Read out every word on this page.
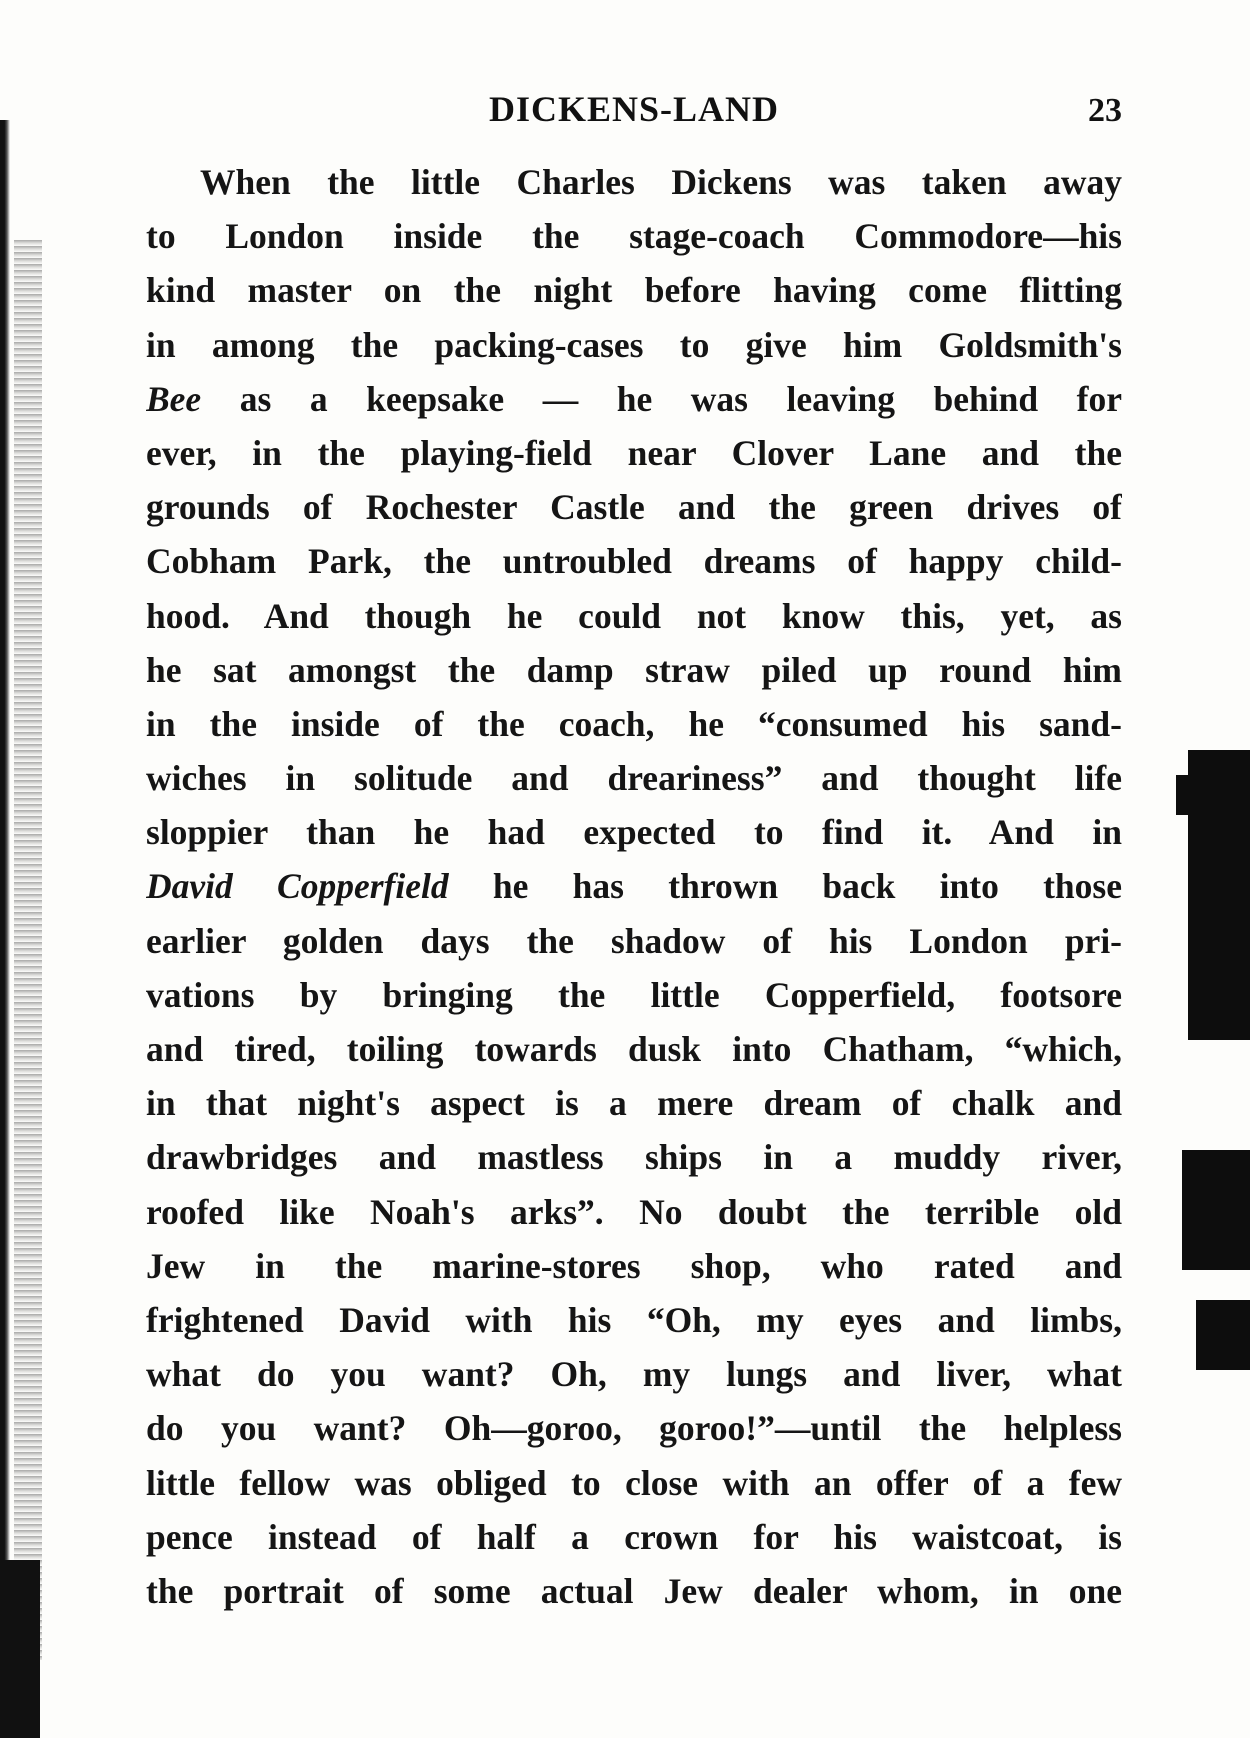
DICKENS-LAND	23
When the little Charles Dickens was taken away
to London inside the stage-coach Commodore—his
kind master on the night before having come flitting
in among the packing-cases to give him Goldsmith's
Bee as a keepsake — he was leaving behind for
ever, in the playing-field near Clover Lane and the
grounds of Rochester Castle and the green drives of
Cobham Park, the untroubled dreams of happy child-
hood. And though he could not know this, yet, as
he sat amongst the damp straw piled up round him
in the inside of the coach, he “consumed his sand-
wiches in solitude and dreariness” and thought life
sloppier than he had expected to find it. And in
David Copperfield he has thrown back into those
earlier golden days the shadow of his London pri-
vations by bringing the little Copperfield, footsore
and tired, toiling towards dusk into Chatham, “which,
in that night's aspect is a mere dream of chalk and
drawbridges and mastless ships in a muddy river,
roofed like Noah's arks”. No doubt the terrible old
Jew in the marine-stores shop, who rated and
frightened David with his “Oh, my eyes and limbs,
what do you want? Oh, my lungs and liver, what
do you want? Oh—goroo, goroo!”—until the helpless
little fellow was obliged to close with an offer of a few
pence instead of half a crown for his waistcoat, is
the portrait of some actual Jew dealer whom, in one
